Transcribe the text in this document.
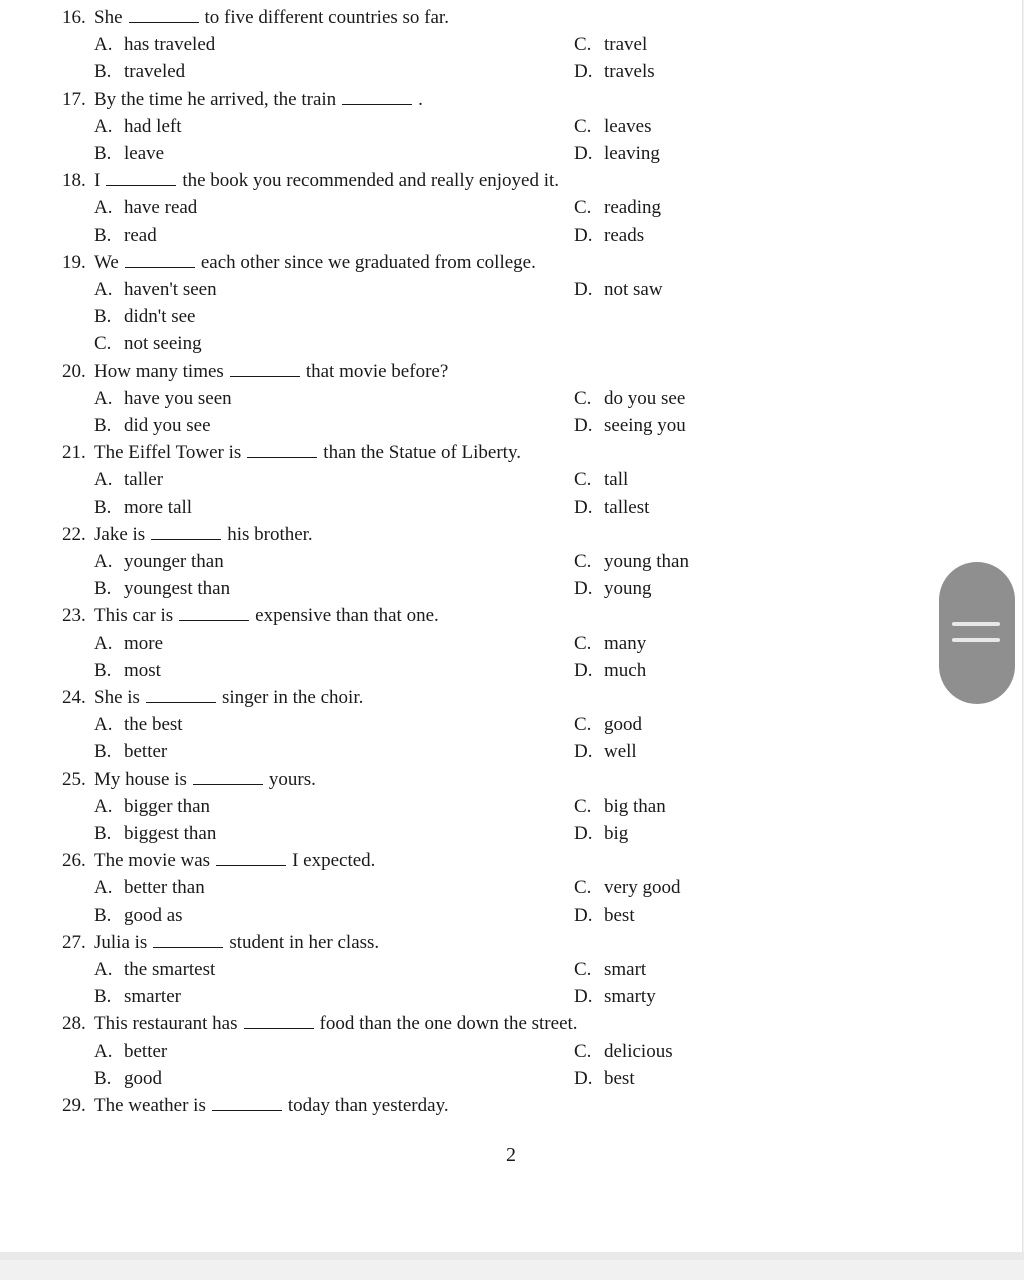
16. She	to five different countries so far.
A. has traveled	C. travel
B. traveled	D. travels
17. By the time he arrived, the train	.
A. had left	C. leaves
B. leave	D. leaving
18. I	the book you recommended and really enjoyed it.
A. have read	C. reading
B. read	D. reads
19. We	each other since we graduated from college.
A. haven't seen	D. not saw
B. didn't see
C. not seeing
20. How many times	that movie before?
A. have you seen	C. do you see
B. did you see	D. seeing you
21. The Eiffel Tower is	than the Statue of Liberty.
A. taller	C. tall
B. more tall	D. tallest
22. Jake is	his brother.
A. younger than	C. young than
B. youngest than	D. young
23. This car is	expensive than that one.
A. more	C. many
B. most	D. much
24. She is	singer in the choir.
A. the best	C. good
B. better	D. well
25. My house is	yours.
A. bigger than	C. big than
B. biggest than	D. big
26. The movie was	I expected.
A. better than	C. very good
B. good as	D. best
27. Julia is	student in her class.
A. the smartest	C. smart
B. smarter	D. smarty
28. This restaurant has	food than the one down the street.
A. better	C. delicious
B. good	D. best
29. The weather is	today than yesterday.
2
